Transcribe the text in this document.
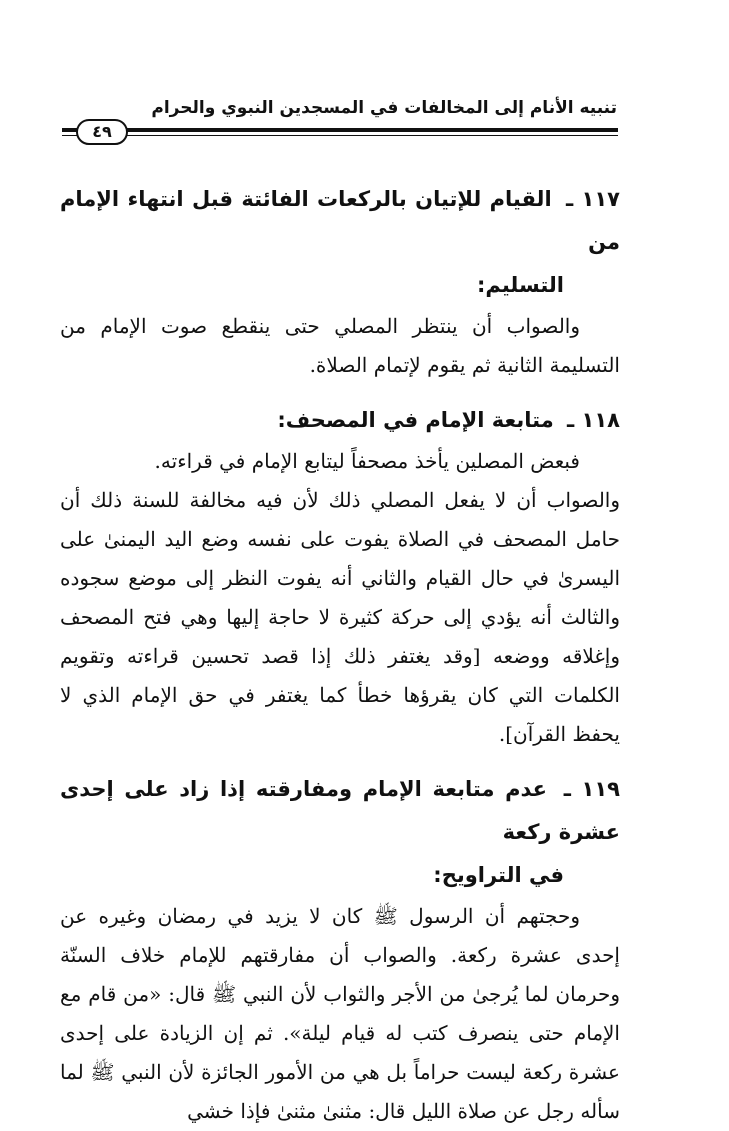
تنبيه الأنام إلى المخالفات في المسجدين النبوي والحرام
٤٩
١١٧ ـ القيام للإتيان بالركعات الفائتة قبل انتهاء الإمام من
التسليم:

والصواب أن ينتظر المصلي حتى ينقطع صوت الإمام من التسليمة الثانية ثم يقوم لإتمام الصلاة.

١١٨ ـ متابعة الإمام في المصحف:

فبعض المصلين يأخذ مصحفاً ليتابع الإمام في قراءته.

والصواب أن لا يفعل المصلي ذلك لأن فيه مخالفة للسنة ذلك أن حامل المصحف في الصلاة يفوت على نفسه وضع اليد اليمنىٰ على اليسرىٰ في حال القيام والثاني أنه يفوت النظر إلى موضع سجوده والثالث أنه يؤدي إلى حركة كثيرة لا حاجة إليها وهي فتح المصحف وإغلاقه ووضعه [وقد يغتفر ذلك إذا قصد تحسين قراءته وتقويم الكلمات التي كان يقرؤها خطأ كما يغتفر في حق الإمام الذي لا يحفظ القرآن].

١١٩ ـ عدم متابعة الإمام ومفارقته إذا زاد على إحدى عشرة ركعة
في التراويح:

وحجتهم أن الرسول ﷺ كان لا يزيد في رمضان وغيره عن إحدى عشرة ركعة. والصواب أن مفارقتهم للإمام خلاف السنّة وحرمان لما يُرجىٰ من الأجر والثواب لأن النبي ﷺ قال: «من قام مع الإمام حتى ينصرف كتب له قيام ليلة». ثم إن الزيادة على إحدى عشرة ركعة ليست حراماً بل هي من الأمور الجائزة لأن النبي ﷺ لما سأله رجل عن صلاة الليل قال: مثنىٰ مثنىٰ فإذا خشي
